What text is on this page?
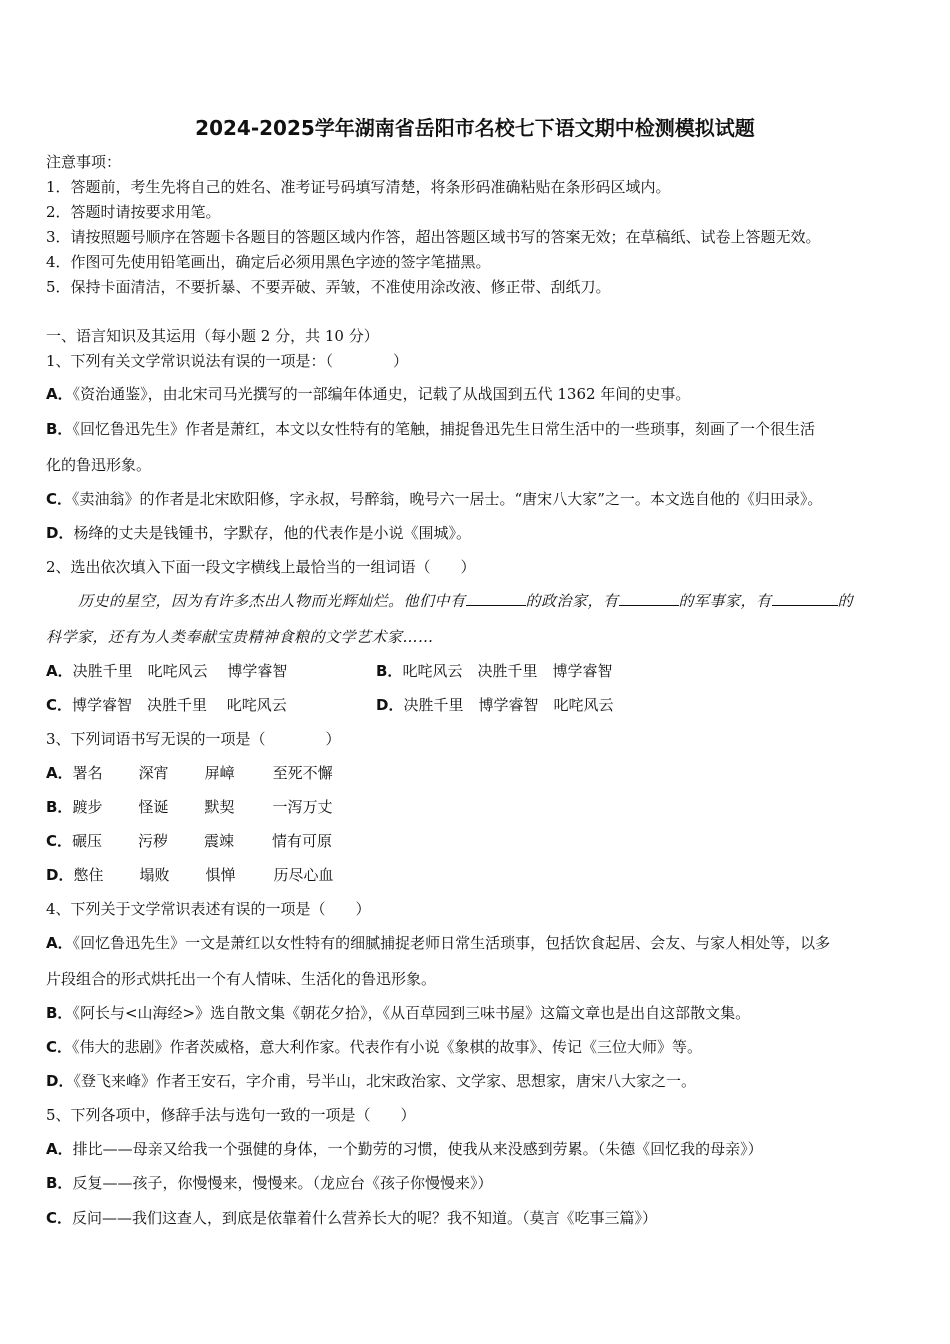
2024-2025学年湖南省岳阳市名校七下语文期中检测模拟试题
注意事项：
1．答题前，考生先将自己的姓名、准考证号码填写清楚，将条形码准确粘贴在条形码区域内。
2．答题时请按要求用笔。
3．请按照题号顺序在答题卡各题目的答题区域内作答，超出答题区域书写的答案无效；在草稿纸、试卷上答题无效。
4．作图可先使用铅笔画出，确定后必须用黑色字迹的签字笔描黑。
5．保持卡面清洁，不要折暴、不要弄破、弄皱，不准使用涂改液、修正带、刮纸刀。
一、语言知识及其运用（每小题 2 分，共 10 分）
1、下列有关文学常识说法有误的一项是：（　　　　）
A．《资治通鉴》，由北宋司马光撰写的一部编年体通史，记载了从战国到五代 1362 年间的史事。
B．《回忆鲁迅先生》作者是萧红，本文以女性特有的笔触，捕捉鲁迅先生日常生活中的一些琐事，刻画了一个很生活
化的鲁迅形象。
C．《卖油翁》的作者是北宋欧阳修，字永叔，号醉翁，晚号六一居士。“唐宋八大家”之一。本文选自他的《归田录》。
D．杨绛的丈夫是钱锺书，字默存，他的代表作是小说《围城》。
2、选出依次填入下面一段文字横线上最恰当的一组词语（　　）
历史的星空，因为有许多杰出人物而光辉灿烂。他们中有	的政治家，有	的军事家，有	的
科学家，还有为人类奉献宝贵精神食粮的文学艺术家……
A．决胜千里　叱咤风云　 博学睿智	B．叱咤风云　决胜千里　博学睿智
C．博学睿智　决胜千里　 叱咤风云	D．决胜千里　博学睿智　叱咤风云
3、下列词语书写无误的一项是（　　　　）
A．署名 深宵 屏嶂	至死不懈
B．踱步 怪诞 默契	一泻万丈
C．碾压 污秽 震竦	情有可原
D．憋住 塌败 惧惮	历尽心血
4、下列关于文学常识表述有误的一项是（　　）
A．《回忆鲁迅先生》一文是萧红以女性特有的细腻捕捉老师日常生活琐事，包括饮食起居、会友、与家人相处等，以多
片段组合的形式烘托出一个有人情味、生活化的鲁迅形象。
B．《阿长与<山海经>》选自散文集《朝花夕拾》，《从百草园到三味书屋》这篇文章也是出自这部散文集。
C．《伟大的悲剧》作者茨威格，意大利作家。代表作有小说《象棋的故事》、传记《三位大师》等。
D．《登飞来峰》作者王安石，字介甫，号半山，北宋政治家、文学家、思想家，唐宋八大家之一。
5、下列各项中，修辞手法与选句一致的一项是（　　）
A．排比——母亲又给我一个强健的身体，一个勤劳的习惯，使我从来没感到劳累。（朱德《回忆我的母亲》）
B．反复——孩子，你慢慢来，慢慢来。（龙应台《孩子你慢慢来》）
C．反问——我们这查人，到底是依靠着什么营养长大的呢？我不知道。（莫言《吃事三篇》）
